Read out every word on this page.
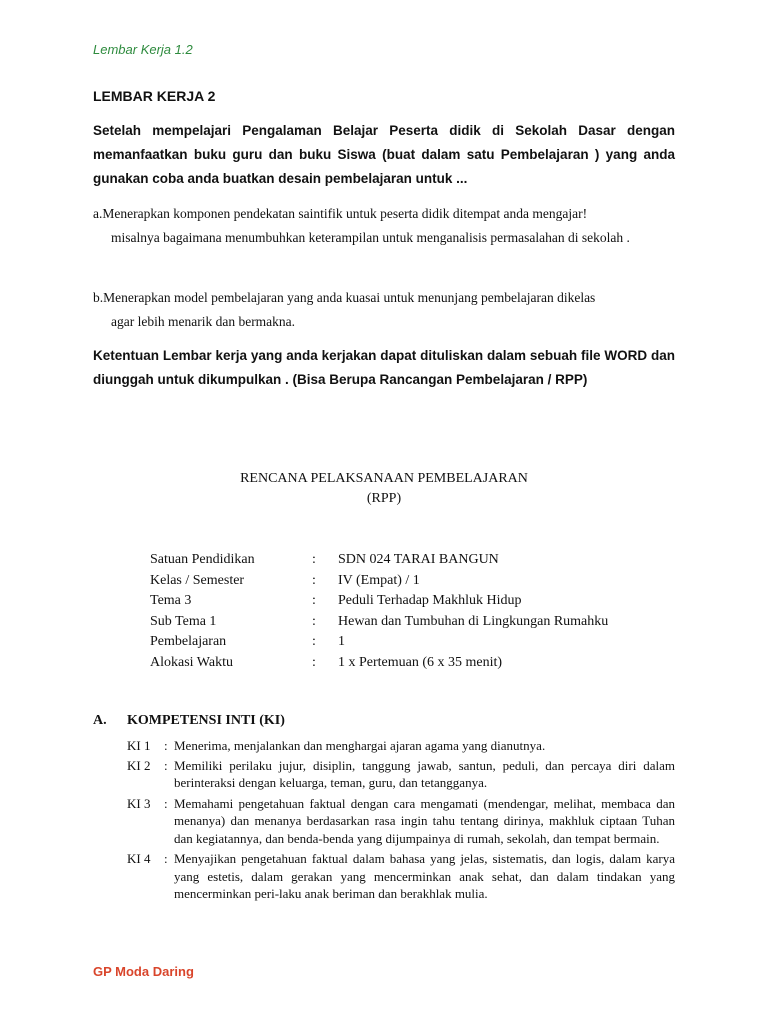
Lembar Kerja 1.2
LEMBAR KERJA 2
Setelah mempelajari Pengalaman Belajar Peserta didik di Sekolah Dasar dengan memanfaatkan buku guru dan buku Siswa (buat dalam satu Pembelajaran ) yang anda gunakan coba anda buatkan desain pembelajaran untuk ...
a.Menerapkan komponen pendekatan saintifik untuk peserta didik ditempat anda mengajar!
misalnya bagaimana menumbuhkan keterampilan untuk menganalisis permasalahan di sekolah .
b.Menerapkan model pembelajaran yang anda kuasai untuk menunjang pembelajaran dikelas
agar lebih menarik dan bermakna.
Ketentuan Lembar kerja yang anda kerjakan dapat dituliskan dalam sebuah file WORD dan diunggah untuk dikumpulkan . (Bisa Berupa Rancangan Pembelajaran / RPP)
RENCANA PELAKSANAAN PEMBELAJARAN
(RPP)
Satuan Pendidikan	:	SDN 024 TARAI BANGUN
Kelas / Semester	:	IV (Empat) / 1
Tema 3	:	Peduli Terhadap Makhluk Hidup
Sub Tema 1	:	Hewan dan Tumbuhan di Lingkungan Rumahku
Pembelajaran	:	1
Alokasi Waktu	:	1 x Pertemuan (6 x 35 menit)
A.	KOMPETENSI INTI (KI)
KI 1	: Menerima, menjalankan dan menghargai ajaran agama yang dianutnya.
KI 2	: Memiliki perilaku jujur, disiplin, tanggung jawab, santun, peduli, dan percaya diri dalam berinteraksi dengan keluarga, teman, guru, dan tetangganya.
KI 3	: Memahami pengetahuan faktual dengan cara mengamati (mendengar, melihat, membaca dan menanya) dan menanya berdasarkan rasa ingin tahu tentang dirinya, makhluk ciptaan Tuhan dan kegiatannya, dan benda-benda yang dijumpainya di rumah, sekolah, dan tempat bermain.
KI 4	: Menyajikan pengetahuan faktual dalam bahasa yang jelas, sistematis, dan logis, dalam karya yang estetis, dalam gerakan yang mencerminkan anak sehat, dan dalam tindakan yang mencerminkan peri-laku anak beriman dan berakhlak mulia.
GP Moda Daring
